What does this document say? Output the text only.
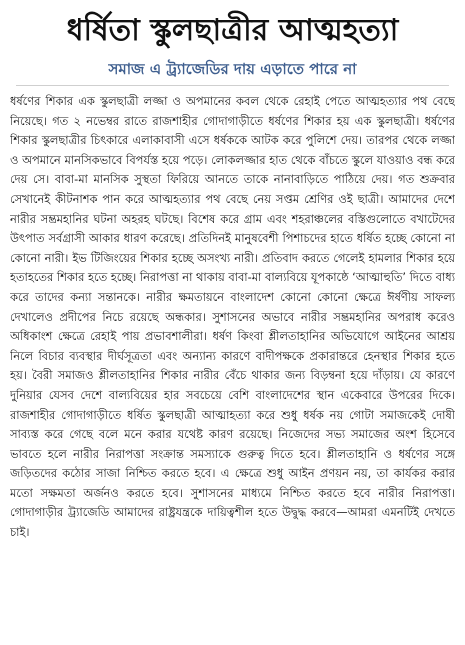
ধর্ষিতা স্কুলছাত্রীর আত্মহত্যা
সমাজ এ ট্র্যাজেডির দায় এড়াতে পারে না

ধর্ষণের শিকার এক স্কুলছাত্রী লজ্জা ও অপমানের কবল থেকে রেহাই পেতে আত্মহত্যার পথ বেছে নিয়েছে। গত ২ নভেম্বর রাতে রাজশাহীর গোদাগাড়ীতে ধর্ষণের শিকার হয় এক স্কুলছাত্রী। ধর্ষণের শিকার স্কুলছাত্রীর চিৎকারে এলাকাবাসী এসে ধর্ষককে আটক করে পুলিশে দেয়। তারপর থেকে লজ্জা ও অপমানে মানসিকভাবে বিপর্যস্ত হয়ে পড়ে। লোকলজ্জার হাত থেকে বাঁচতে স্কুলে যাওয়াও বন্ধ করে দেয় সে। বাবা-মা মানসিক সুস্থতা ফিরিয়ে আনতে তাকে নানাবাড়িতে পাঠিয়ে দেয়। গত শুক্রবার সেখানেই কীটনাশক পান করে আত্মহত্যার পথ বেছে নেয় সপ্তম শ্রেণির ওই ছাত্রী। আমাদের দেশে নারীর সম্ভ্রমহানির ঘটনা অহরহ ঘটছে। বিশেষ করে গ্রাম এবং শহরাঞ্চলের বস্তিগুলোতে বখাটেদের উৎপাত সর্বগ্রাসী আকার ধারণ করেছে। প্রতিদিনই মানুষবেশী পিশাচদের হাতে ধর্ষিত হচ্ছে কোনো না কোনো নারী। ইভ টিজিংয়ের শিকার হচ্ছে অসংখ্য নারী। প্রতিবাদ করতে গেলেই হামলার শিকার হয়ে হতাহতের শিকার হতে হচ্ছে। নিরাপত্তা না থাকায় বাবা-মা বাল্যবিয়ে যূপকাষ্ঠে ‘আত্মাহুতি’ দিতে বাধ্য করে তাদের কন্যা সন্তানকে। নারীর ক্ষমতায়নে বাংলাদেশ কোনো কোনো ক্ষেত্রে ঈর্ষণীয় সাফল্য দেখালেও প্রদীপের নিচে রয়েছে অন্ধকার। সুশাসনের অভাবে নারীর সম্ভ্রমহানির অপরাধ করেও অধিকাংশ ক্ষেত্রে রেহাই পায় প্রভাবশালীরা। ধর্ষণ কিংবা শ্লীলতাহানির অভিযোগে আইনের আশ্রয় নিলে বিচার ব্যবস্থার দীর্ঘসূত্রতা এবং অন্যান্য কারণে বাদীপক্ষকে প্রকারান্তরে হেনস্থার শিকার হতে হয়। বৈরী সমাজও শ্লীলতাহানির শিকার নারীর বেঁচে থাকার জন্য বিড়ম্বনা হয়ে দাঁড়ায়। যে কারণে দুনিয়ার যেসব দেশে বাল্যবিয়ের হার সবচেয়ে বেশি বাংলাদেশের স্থান একেবারে উপরের দিকে। রাজশাহীর গোদাগাড়ীতে ধর্ষিত স্কুলছাত্রী আত্মাহত্যা করে শুধু ধর্ষক নয় গোটা সমাজকেই দোষী সাব্যস্ত করে গেছে বলে মনে করার যথেষ্ট কারণ রয়েছে। নিজেদের সভ্য সমাজের অংশ হিসেবে ভাবতে হলে নারীর নিরাপত্তা সংক্রান্ত সমস্যাকে গুরুত্ব দিতে হবে। শ্লীলতাহানি ও ধর্ষণের সঙ্গে জড়িতদের কঠোর সাজা নিশ্চিত করতে হবে। এ ক্ষেত্রে শুধু আইন প্রণয়ন নয়, তা কার্যকর করার মতো সক্ষমতা অর্জনও করতে হবে। সুশাসনের মাধ্যমে নিশ্চিত করতে হবে নারীর নিরাপত্তা। গোদাগাড়ীর ট্র্যাজেডি আমাদের রাষ্ট্রযন্ত্রকে দায়িত্বশীল হতে উদ্বুদ্ধ করবে—আমরা এমনটিই দেখতে চাই।
